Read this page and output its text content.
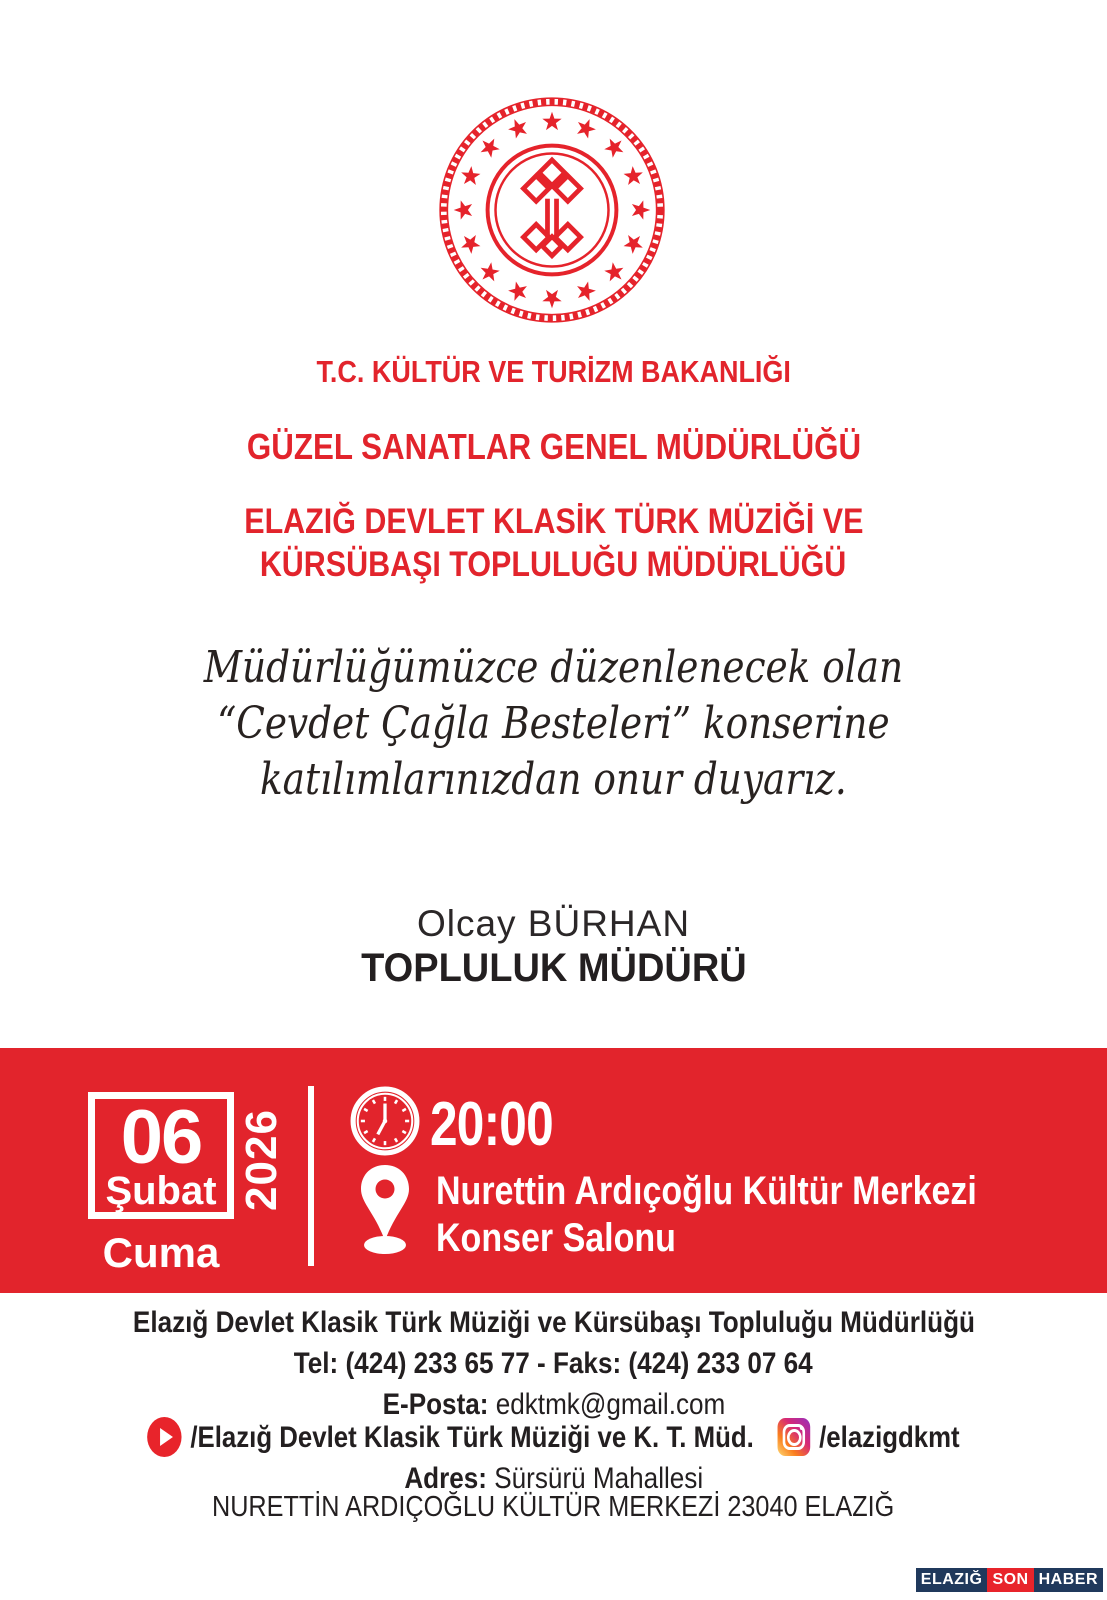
T.C. KÜLTÜR VE TURİZM BAKANLIĞI
GÜZEL SANATLAR GENEL MÜDÜRLÜĞÜ
ELAZIĞ DEVLET KLASİK TÜRK MÜZİĞİ VE
KÜRSÜBAŞI TOPLULUĞU MÜDÜRLÜĞÜ
Müdürlüğümüzce düzenlenecek olan
“Cevdet Çağla Besteleri” konserine
katılımlarınızdan onur duyarız.
Olcay BÜRHAN
TOPLULUK MÜDÜRÜ
06
Şubat 2026
Cuma
20:00
Nurettin Ardıçoğlu Kültür Merkezi
Konser Salonu
Elazığ Devlet Klasik Türk Müziği ve Kürsübaşı Topluluğu Müdürlüğü
Tel: (424) 233 65 77 - Faks: (424) 233 07 64
E-Posta: edktmk@gmail.com
/Elazığ Devlet Klasik Türk Müziği ve K. T. Müd. /elazigdkmt
Adres: Sürsürü Mahallesi
NURETTİN ARDIÇOĞLU KÜLTÜR MERKEZİ 23040 ELAZIĞ
ELAZIĞ SON HABER
